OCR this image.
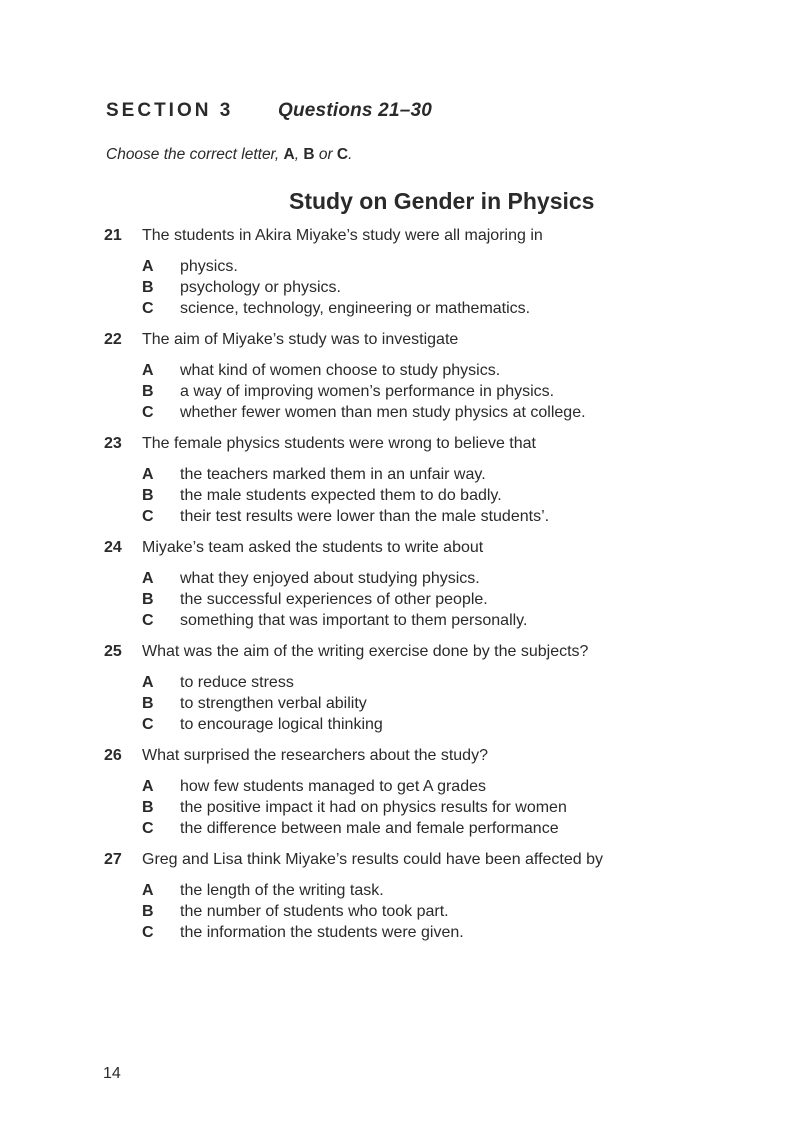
SECTION 3 Questions 21–30
Choose the correct letter, A, B or C.
Study on Gender in Physics
21	The students in Akira Miyake’s study were all majoring in
A	physics.
B	psychology or physics.
C	science, technology, engineering or mathematics.
22	The aim of Miyake’s study was to investigate
A	what kind of women choose to study physics.
B	a way of improving women’s performance in physics.
C	whether fewer women than men study physics at college.
23	The female physics students were wrong to believe that
A	the teachers marked them in an unfair way.
B	the male students expected them to do badly.
C	their test results were lower than the male students’.
24	Miyake’s team asked the students to write about
A	what they enjoyed about studying physics.
B	the successful experiences of other people.
C	something that was important to them personally.
25	What was the aim of the writing exercise done by the subjects?
A	to reduce stress
B	to strengthen verbal ability
C	to encourage logical thinking
26	What surprised the researchers about the study?
A	how few students managed to get A grades
B	the positive impact it had on physics results for women
C	the difference between male and female performance
27	Greg and Lisa think Miyake’s results could have been affected by
A	the length of the writing task.
B	the number of students who took part.
C	the information the students were given.
14
